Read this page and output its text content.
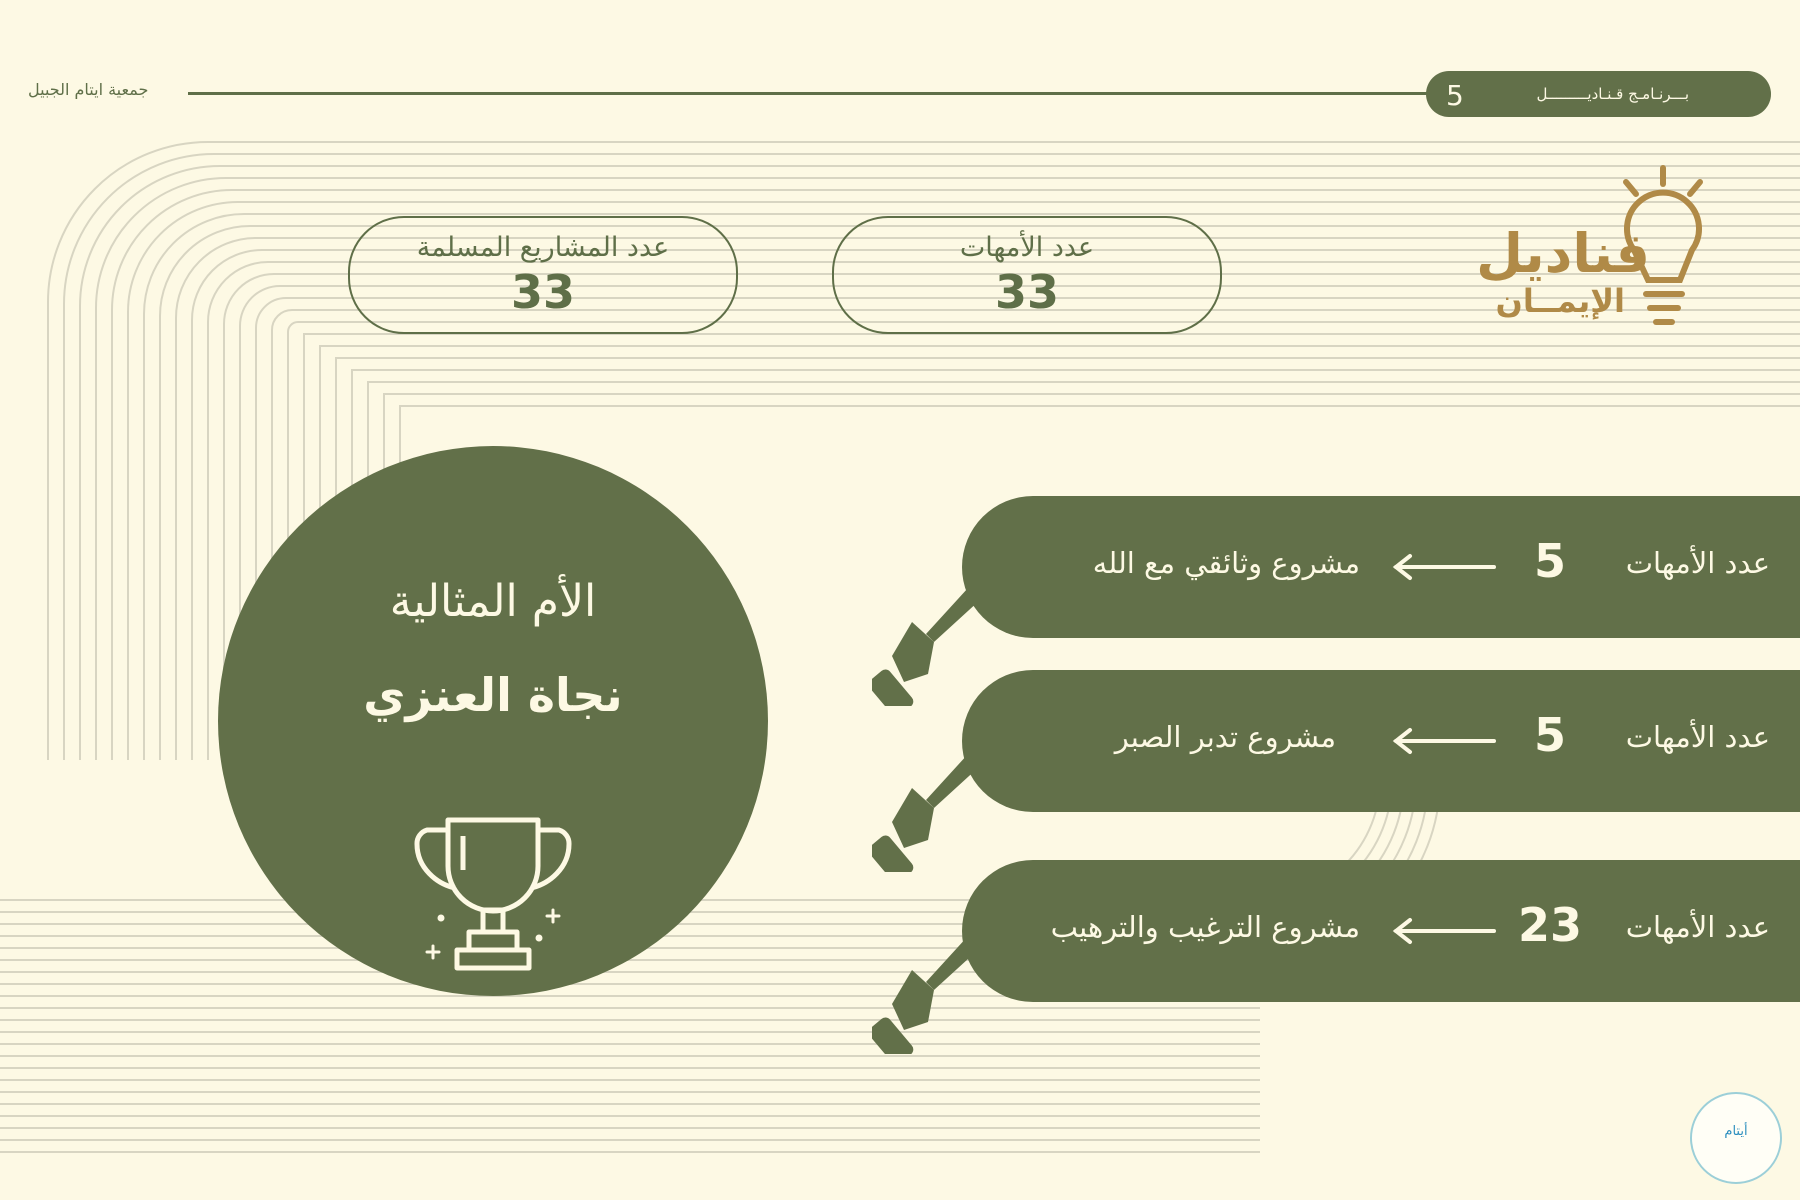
جمعية ايتام الجبيل	5	بـــرنـامـج قـنـاديـــــــــل
قناديل
الإيمــان
عدد المشاريع المسلمة
33
عدد الأمهات
33
الأم المثالية
نجاة العنزي
عدد الأمهات
5
مشروع وثائقي مع الله
عدد الأمهات
5
مشروع تدبر الصبر
عدد الأمهات
23
مشروع الترغيب والترهيب
أيتام
